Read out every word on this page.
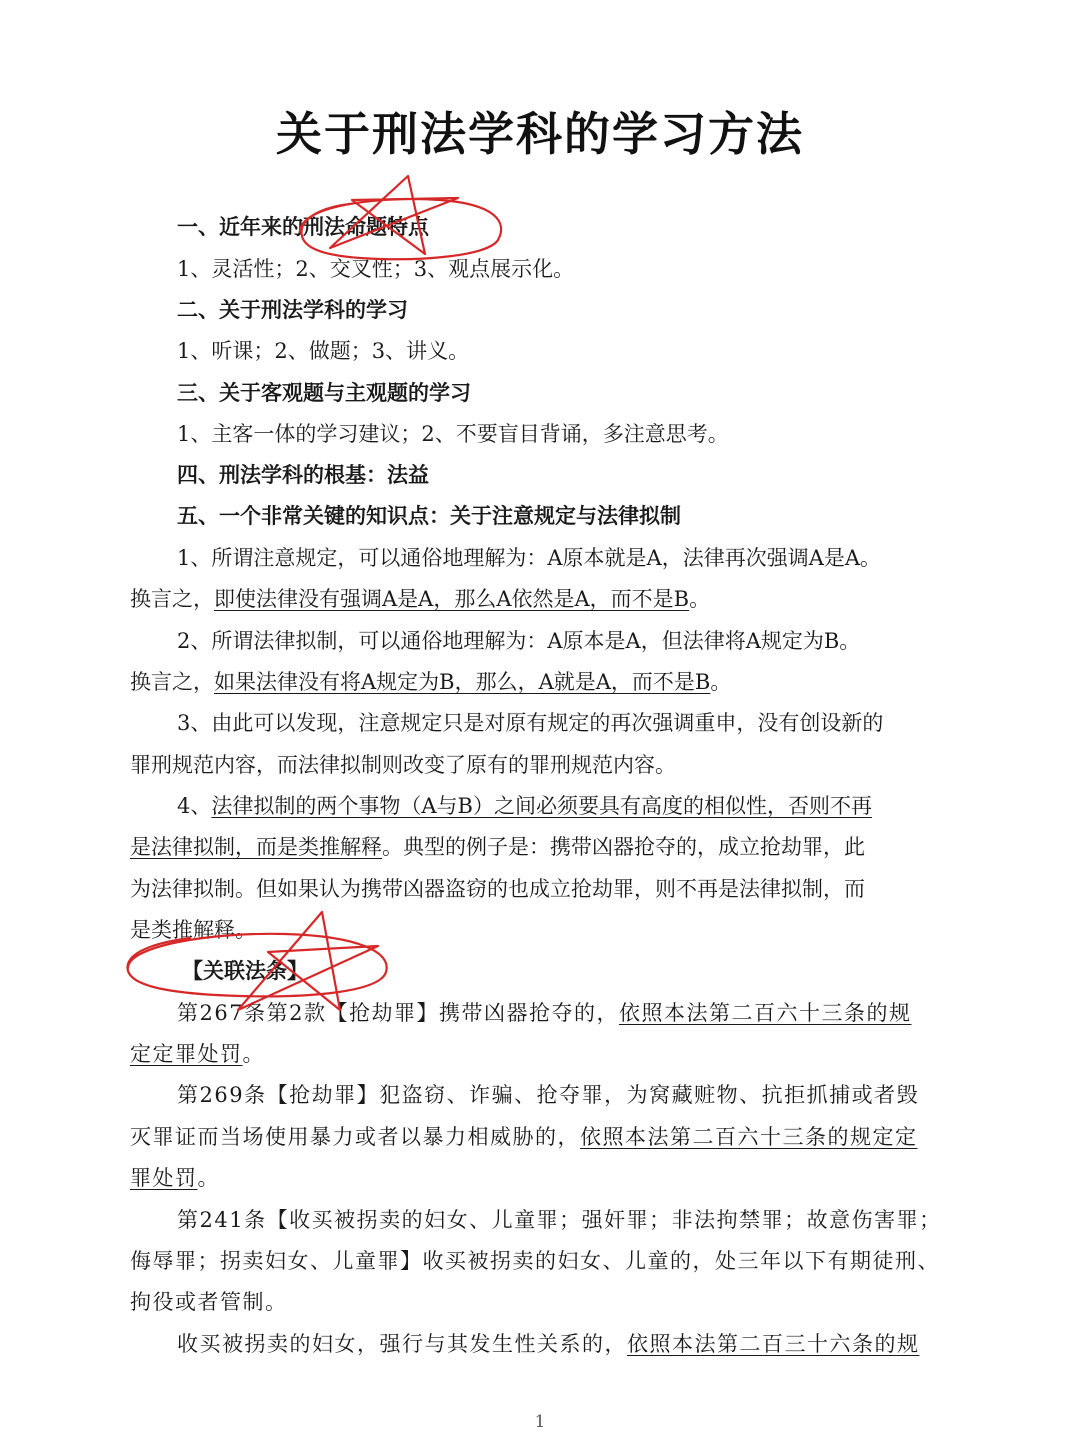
关于刑法学科的学习方法
一、近年来的刑法命题特点
1、灵活性；2、交叉性；3、观点展示化。
二、关于刑法学科的学习
1、听课；2、做题；3、讲义。
三、关于客观题与主观题的学习
1、主客一体的学习建议；2、不要盲目背诵，多注意思考。
四、刑法学科的根基：法益
五、一个非常关键的知识点：关于注意规定与法律拟制
1、所谓注意规定，可以通俗地理解为：A原本就是A，法律再次强调A是A。
换言之，即使法律没有强调A是A，那么A依然是A，而不是B。
2、所谓法律拟制，可以通俗地理解为：A原本是A，但法律将A规定为B。
换言之，如果法律没有将A规定为B，那么，A就是A，而不是B。
3、由此可以发现，注意规定只是对原有规定的再次强调重申，没有创设新的
罪刑规范内容，而法律拟制则改变了原有的罪刑规范内容。
4、法律拟制的两个事物（A与B）之间必须要具有高度的相似性，否则不再
是法律拟制，而是类推解释。典型的例子是：携带凶器抢夺的，成立抢劫罪，此
为法律拟制。但如果认为携带凶器盗窃的也成立抢劫罪，则不再是法律拟制，而
是类推解释。
【关联法条】
第267条第2款【抢劫罪】携带凶器抢夺的，依照本法第二百六十三条的规
定定罪处罚。
第269条【抢劫罪】犯盗窃、诈骗、抢夺罪，为窝藏赃物、抗拒抓捕或者毁
灭罪证而当场使用暴力或者以暴力相威胁的，依照本法第二百六十三条的规定定
罪处罚。
第241条【收买被拐卖的妇女、儿童罪；强奸罪；非法拘禁罪；故意伤害罪；
侮辱罪；拐卖妇女、儿童罪】收买被拐卖的妇女、儿童的，处三年以下有期徒刑、
拘役或者管制。
收买被拐卖的妇女，强行与其发生性关系的，依照本法第二百三十六条的规
1
